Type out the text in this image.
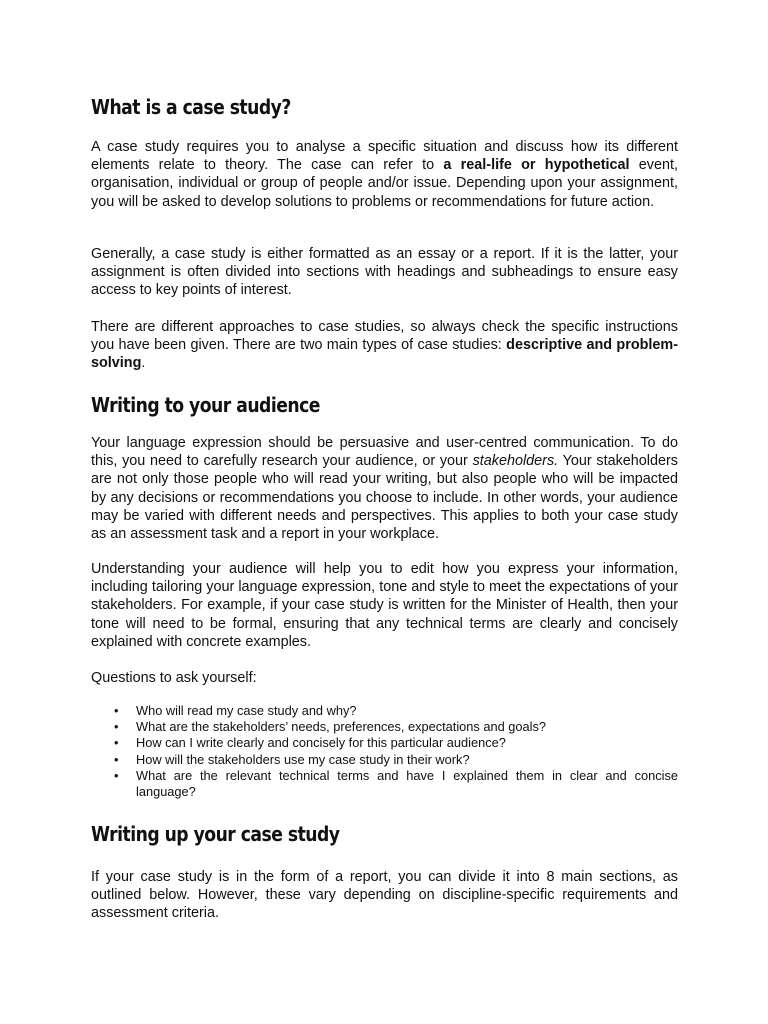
What is a case study?

A case study requires you to analyse a specific situation and discuss how its different elements relate to theory. The case can refer to a real-life or hypothetical event, organisation, individual or group of people and/or issue. Depending upon your assignment, you will be asked to develop solutions to problems or recommendations for future action.

Generally, a case study is either formatted as an essay or a report. If it is the latter, your assignment is often divided into sections with headings and subheadings to ensure easy access to key points of interest.

There are different approaches to case studies, so always check the specific instructions you have been given. There are two main types of case studies: descriptive and problem-solving.

Writing to your audience

Your language expression should be persuasive and user-centred communication. To do this, you need to carefully research your audience, or your stakeholders. Your stakeholders are not only those people who will read your writing, but also people who will be impacted by any decisions or recommendations you choose to include. In other words, your audience may be varied with different needs and perspectives. This applies to both your case study as an assessment task and a report in your workplace.

Understanding your audience will help you to edit how you express your information, including tailoring your language expression, tone and style to meet the expectations of your stakeholders. For example, if your case study is written for the Minister of Health, then your tone will need to be formal, ensuring that any technical terms are clearly and concisely explained with concrete examples.

Questions to ask yourself:

• Who will read my case study and why?
• What are the stakeholders’ needs, preferences, expectations and goals?
• How can I write clearly and concisely for this particular audience?
• How will the stakeholders use my case study in their work?
• What are the relevant technical terms and have I explained them in clear and concise language?
Writing up your case study

If your case study is in the form of a report, you can divide it into 8 main sections, as outlined below. However, these vary depending on discipline-specific requirements and assessment criteria.
